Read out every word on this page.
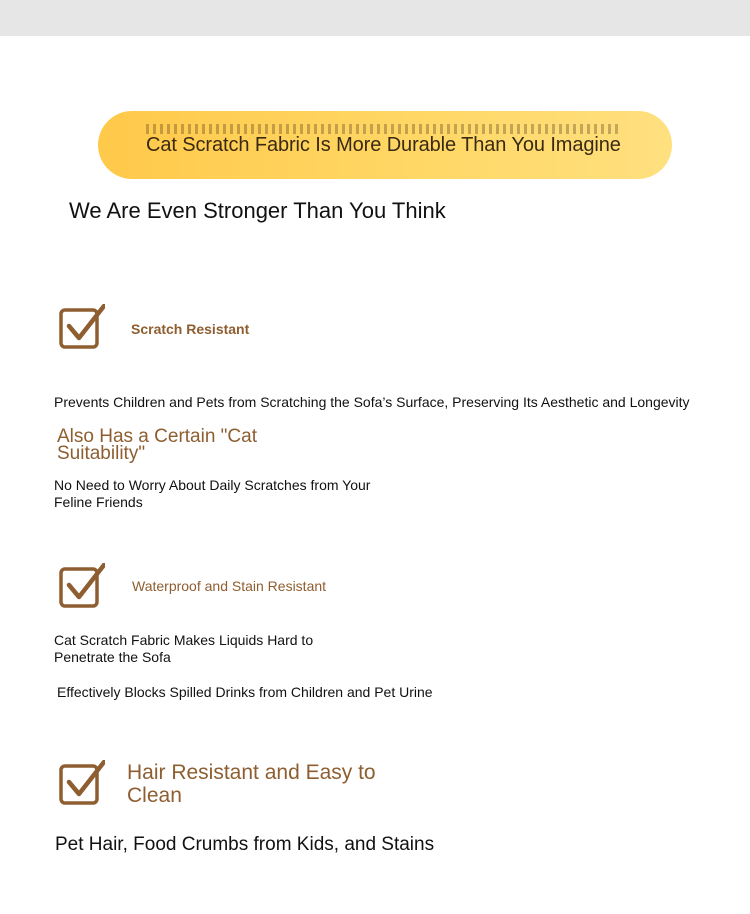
Cat Scratch Fabric Is More Durable Than You Imagine
We Are Even Stronger Than You Think
Scratch Resistant
Prevents Children and Pets from Scratching the Sofa’s Surface, Preserving Its Aesthetic and Longevity
Also Has a Certain "Cat Suitability"
No Need to Worry About Daily Scratches from Your Feline Friends
Waterproof and Stain Resistant
Cat Scratch Fabric Makes Liquids Hard to Penetrate the Sofa
Effectively Blocks Spilled Drinks from Children and Pet Urine
Hair Resistant and Easy to Clean
Pet Hair, Food Crumbs from Kids, and Stains
